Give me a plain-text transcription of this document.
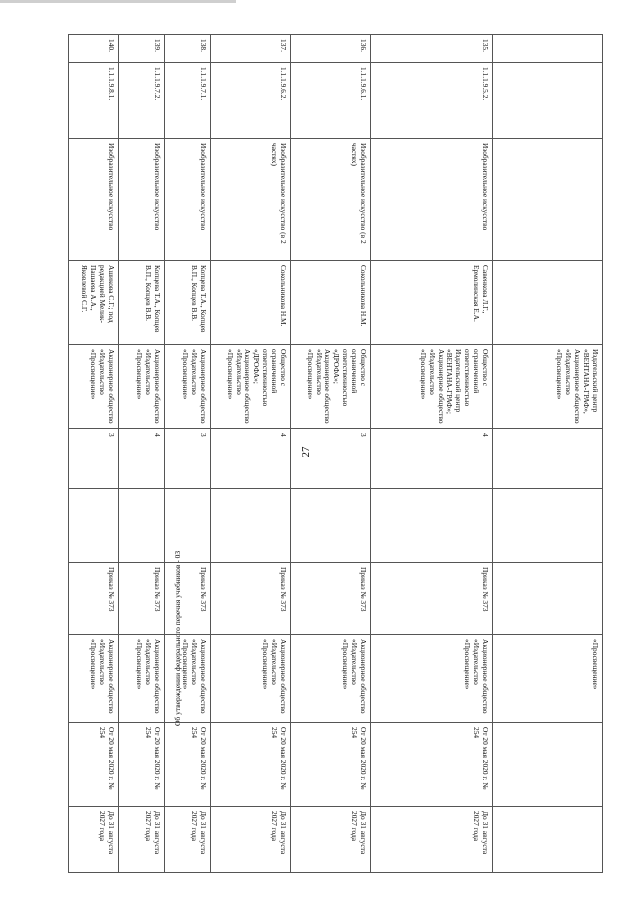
27
Об утверждении федерального перечня учебников - 03
				Издательский центр «ВЕНТАНА-ГРАФ», Акционерное общество «Издательство «Просвещение»				«Просвещение»		
135.	1.1.1.9.5.2.	Изобразительное искусство	Савенкова Л.Г., Ермолинская Е.А.	Общество с ограниченной ответственностью Издательский центр «ВЕНТАНА-ГРАФ»; Акционерное общество «Издательство «Просвещение»	4		Приказ № 373	Акционерное общество «Издательство «Просвещение»	От 20 мая 2020 г. № 254	До 31 августа 2027 года
136.	1.1.1.9.6.1.	Изобразительное искусство (в 2 частях)	Сокольникова Н.М.	Общество с ограниченной ответственностью «ДРОФА»; Акционерное общество «Издательство «Просвещение»	3		Приказ № 373	Акционерное общество «Издательство «Просвещение»	От 20 мая 2020 г. № 254	До 31 августа 2027 года
137.	1.1.1.9.6.2.	Изобразительное искусство (в 2 частях)	Сокольникова Н.М.	Общество с ограниченной ответственностью «ДРОФА»; Акционерное общество «Издательство «Просвещение»	4		Приказ № 373	Акционерное общество «Издательство «Просвещение»	От 20 мая 2020 г. № 254	До 31 августа 2027 года
138.	1.1.1.9.7.1.	Изобразительное искусство	Копцева Т.А., Копцев В.П., Копцев В.В.	Акционерное общество «Издательство «Просвещение»	3		Приказ № 373	Акционерное общество «Издательство «Просвещение»	От 20 мая 2020 г. № 254	До 31 августа 2027 года
139.	1.1.1.9.7.2.	Изобразительное искусство	Копцева Т.А., Копцев В.П., Копцев В.В.	Акционерное общество «Издательство «Просвещение»	4		Приказ № 373	Акционерное общество «Издательство «Просвещение»	От 20 мая 2020 г. № 254	До 31 августа 2027 года
140.	1.1.1.9.8.1.	Изобразительное искусство	Ашикова С.Г.; под редакцией Мелик-Пашаева А.А., Яковлевой С.Г.	Акционерное общество «Издательство «Просвещение»	3		Приказ № 373	Акционерное общество «Издательство «Просвещение»	От 20 мая 2020 г. № 254	До 31 августа 2027 года
